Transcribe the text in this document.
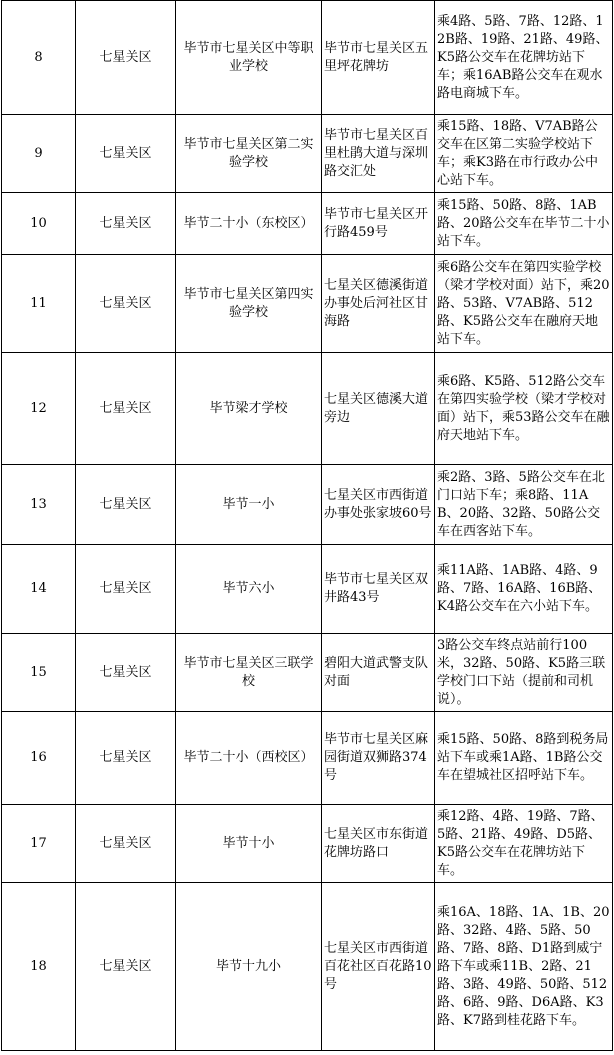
8	七星关区	毕节市七星关区中等职业学校	毕节市七星关区五里坪花牌坊	乘4路、5路、7路、12路、12B路、19路、21路、49路、K5路公交车在花牌坊站下车；乘16AB路公交车在观水路电商城下车。
9	七星关区	毕节市七星关区第二实验学校	毕节市七星关区百里杜鹃大道与深圳路交汇处	乘15路、18路、V7AB路公交车在区第二实验学校站下车；乘K3路在市行政办公中心站下车。
10	七星关区	毕节二十小（东校区）	毕节市七星关区开行路459号	乘15路、50路、8路、1AB路、20路公交车在毕节二十小站下车。
11	七星关区	毕节市七星关区第四实验学校	七星关区德溪街道办事处后河社区甘海路	乘6路公交车在第四实验学校（梁才学校对面）站下，乘20路、53路、V7AB路、512路、K5路公交车在融府天地站下车。
12	七星关区	毕节梁才学校	七星关区德溪大道旁边	乘6路、K5路、512路公交车在第四实验学校（梁才学校对面）站下，乘53路公交车在融府天地站下车。
13	七星关区	毕节一小	七星关区市西街道办事处张家坡60号	乘2路、3路、5路公交车在北门口站下车；乘8路、11AB、20路、32路、50路公交车在西客站下车。
14	七星关区	毕节六小	毕节市七星关区双井路43号	乘11A路、1AB路、4路、9路、7路、16A路、16B路、K4路公交车在六小站下车。
15	七星关区	毕节市七星关区三联学校	碧阳大道武警支队对面	3路公交车终点站前行100米，32路、50路、K5路三联学校门口下站（提前和司机说）。
16	七星关区	毕节二十小（西校区）	毕节市七星关区麻园街道双狮路374号	乘15路、50路、8路到税务局站下车或乘1A路、1B路公交车在望城社区招呼站下车。
17	七星关区	毕节十小	七星关区市东街道花牌坊路口	乘12路、4路、19路、7路、5路、21路、49路、D5路、K5路公交车在花牌坊站下车。
18	七星关区	毕节十九小	七星关区市西街道百花社区百花路10号	乘16A、18路、1A、1B、20路、32路、4路、5路、50路、7路、8路、D1路到威宁路下车或乘11B、2路、21路、3路、49路、50路、512路、6路、9路、D6A路、K3路、K7路到桂花路下车。
